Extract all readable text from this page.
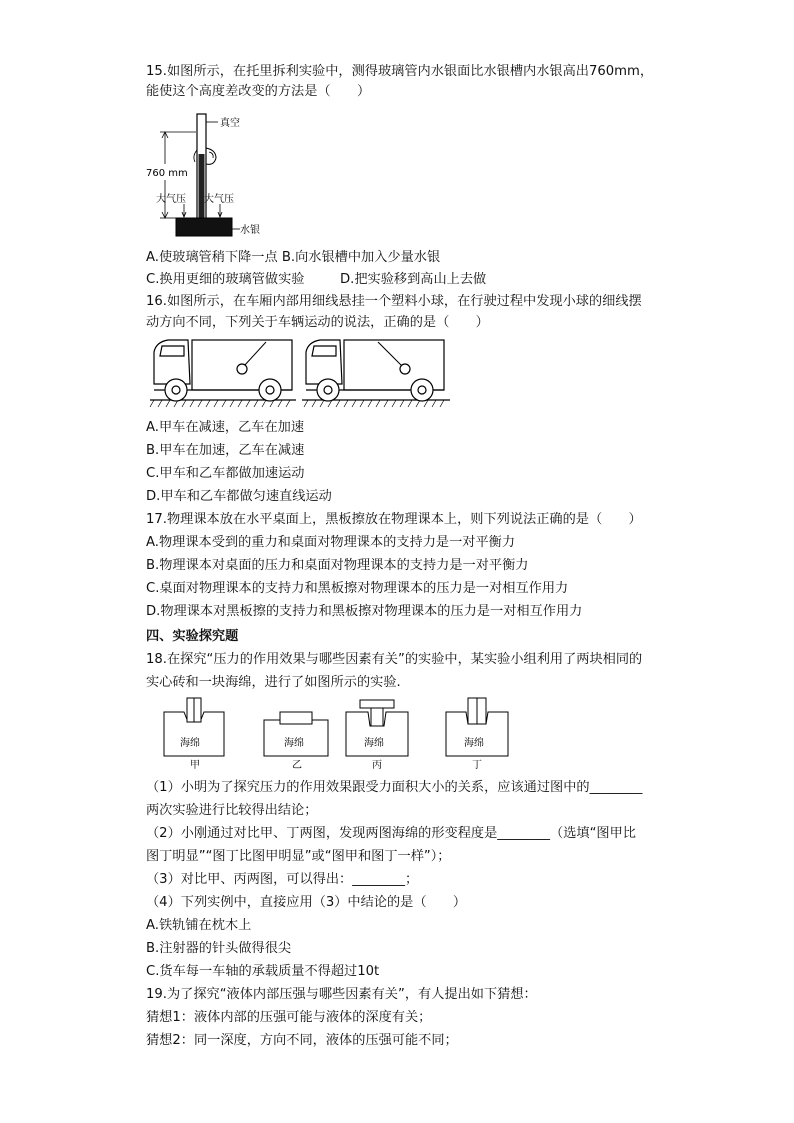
15.如图所示，在托里拆利实验中，测得玻璃管内水银面比水银槽内水银高出760mm，
能使这个高度差改变的方法是（　　）
真空
760 mm
大气压 大气压
水银
A.使玻璃管稍下降一点 B.向水银槽中加入少量水银
C.换用更细的玻璃管做实验	D.把实验移到高山上去做
16.如图所示，在车厢内部用细线悬挂一个塑料小球，在行驶过程中发现小球的细线摆
动方向不同，下列关于车辆运动的说法，正确的是（　　）
A.甲车在减速，乙车在加速
B.甲车在加速，乙车在减速
C.甲车和乙车都做加速运动
D.甲车和乙车都做匀速直线运动
17.物理课本放在水平桌面上，黑板擦放在物理课本上，则下列说法正确的是（　　）
A.物理课本受到的重力和桌面对物理课本的支持力是一对平衡力
B.物理课本对桌面的压力和桌面对物理课本的支持力是一对平衡力
C.桌面对物理课本的支持力和黑板擦对物理课本的压力是一对相互作用力
D.物理课本对黑板擦的支持力和黑板擦对物理课本的压力是一对相互作用力
四、实验探究题
18.在探究“压力的作用效果与哪些因素有关”的实验中，某实验小组利用了两块相同的
实心砖和一块海绵，进行了如图所示的实验.
海绵	海绵	海绵	海绵
甲	乙	丙	丁
（1）小明为了探究压力的作用效果跟受力面积大小的关系，应该通过图中的________
两次实验进行比较得出结论；
（2）小刚通过对比甲、丁两图，发现两图海绵的形变程度是________（选填“图甲比
图丁明显”“图丁比图甲明显”或“图甲和图丁一样”）；
（3）对比甲、丙两图，可以得出：________；
（4）下列实例中，直接应用（3）中结论的是（　　）
A.铁轨铺在枕木上
B.注射器的针头做得很尖
C.货车每一车轴的承载质量不得超过10t
19.为了探究“液体内部压强与哪些因素有关”，有人提出如下猜想：
猜想1：液体内部的压强可能与液体的深度有关；
猜想2：同一深度，方向不同，液体的压强可能不同；
